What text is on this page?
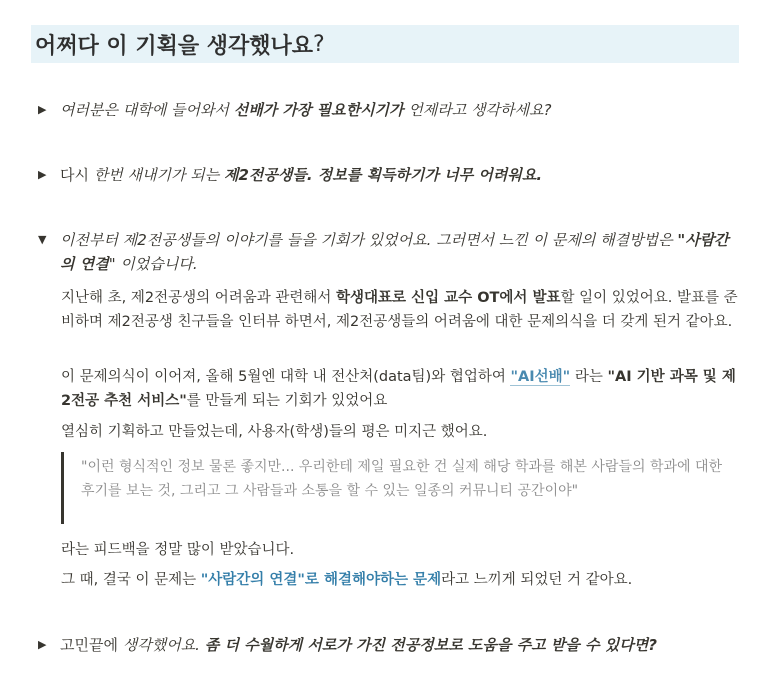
어쩌다 이 기획을 생각했나요 ?
▶ 여러분은 대학에 들어와서 선배가 가장 필요한시기가 언제라고 생각하세요?
▶ 다시 한번 새내기가 되는 제2전공생들. 정보를 획득하기가 너무 어려워요.
▼ 이전부터 제2전공생들의 이야기를 들을 기회가 있었어요. 그러면서 느낀 이 문제의 해결방법은 "사람간의 연결" 이었습니다.
지난해 초, 제2전공생의 어려움과 관련해서 학생대표로 신입 교수 OT에서 발표할 일이 있었어요. 발표를 준비하며 제2전공생 친구들을 인터뷰 하면서, 제2전공생들의 어려움에 대한 문제의식을 더 갖게 된거 같아요.
이 문제의식이 이어져, 올해 5월엔 대학 내 전산처(data팀)와 협업하여 "AI선배" 라는 "AI 기반 과목 및 제2전공 추천 서비스"를 만들게 되는 기회가 있었어요
열심히 기획하고 만들었는데, 사용자(학생)들의 평은 미지근 했어요.
"이런 형식적인 정보 물론 좋지만... 우리한테 제일 필요한 건 실제 해당 학과를 해본 사람들의 학과에 대한 후기를 보는 것, 그리고 그 사람들과 소통을 할 수 있는 일종의 커뮤니티 공간이야"
라는 피드백을 정말 많이 받았습니다.
그 때, 결국 이 문제는 "사람간의 연결"로 해결해야하는 문제라고 느끼게 되었던 거 같아요.
▶ 고민끝에 생각했어요. 좀 더 수월하게 서로가 가진 전공정보로 도움을 주고 받을 수 있다면?
